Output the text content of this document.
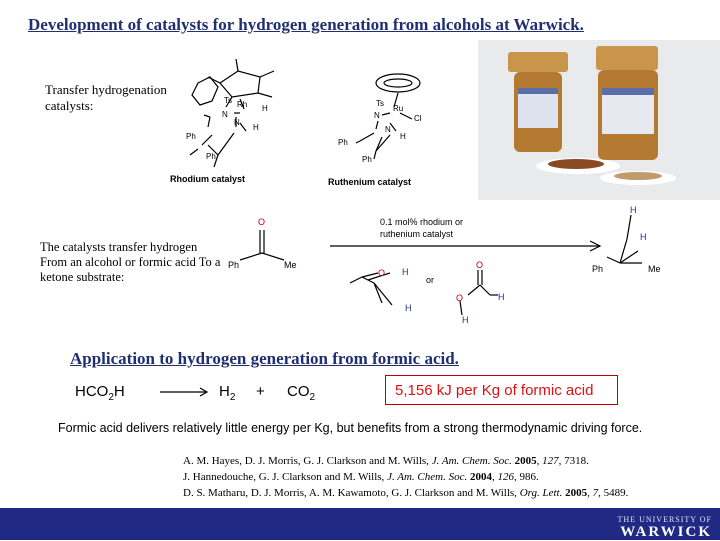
Development of catalysts for hydrogen generation from alcohols at Warwick.
Transfer hydrogenation catalysts:
The catalysts transfer hydrogen From an alcohol or formic acid To a ketone substrate:
Ts
N
Rh H
N
H
Ph
Ph
Ts
N
Ru
Cl
N
H
Ph
Ph
Rhodium catalyst	Ruthenium catalyst
0.1 mol% rhodium or
ruthenium catalyst
O
Ph	Me
O H
H
or
O
O	H
H
H
H
Ph	Me
Application to hydrogen generation from formic acid.
$HCO_2H$	$H_2 + CO_2$	5,156 kJ per Kg of formic acid
Formic acid delivers relatively little energy per Kg, but benefits from a strong thermodynamic driving force.
A. M. Hayes, D. J. Morris, G. J. Clarkson and M. Wills, J. Am. Chem. Soc. 2005, 127, 7318.
J. Hannedouche, G. J. Clarkson and M. Wills, J. Am. Chem. Soc. 2004, 126, 986.
D. S. Matharu, D. J. Morris, A. M. Kawamoto, G. J. Clarkson and M. Wills, Org. Lett. 2005, 7, 5489.
THE UNIVERSITY OF
WARWICK
